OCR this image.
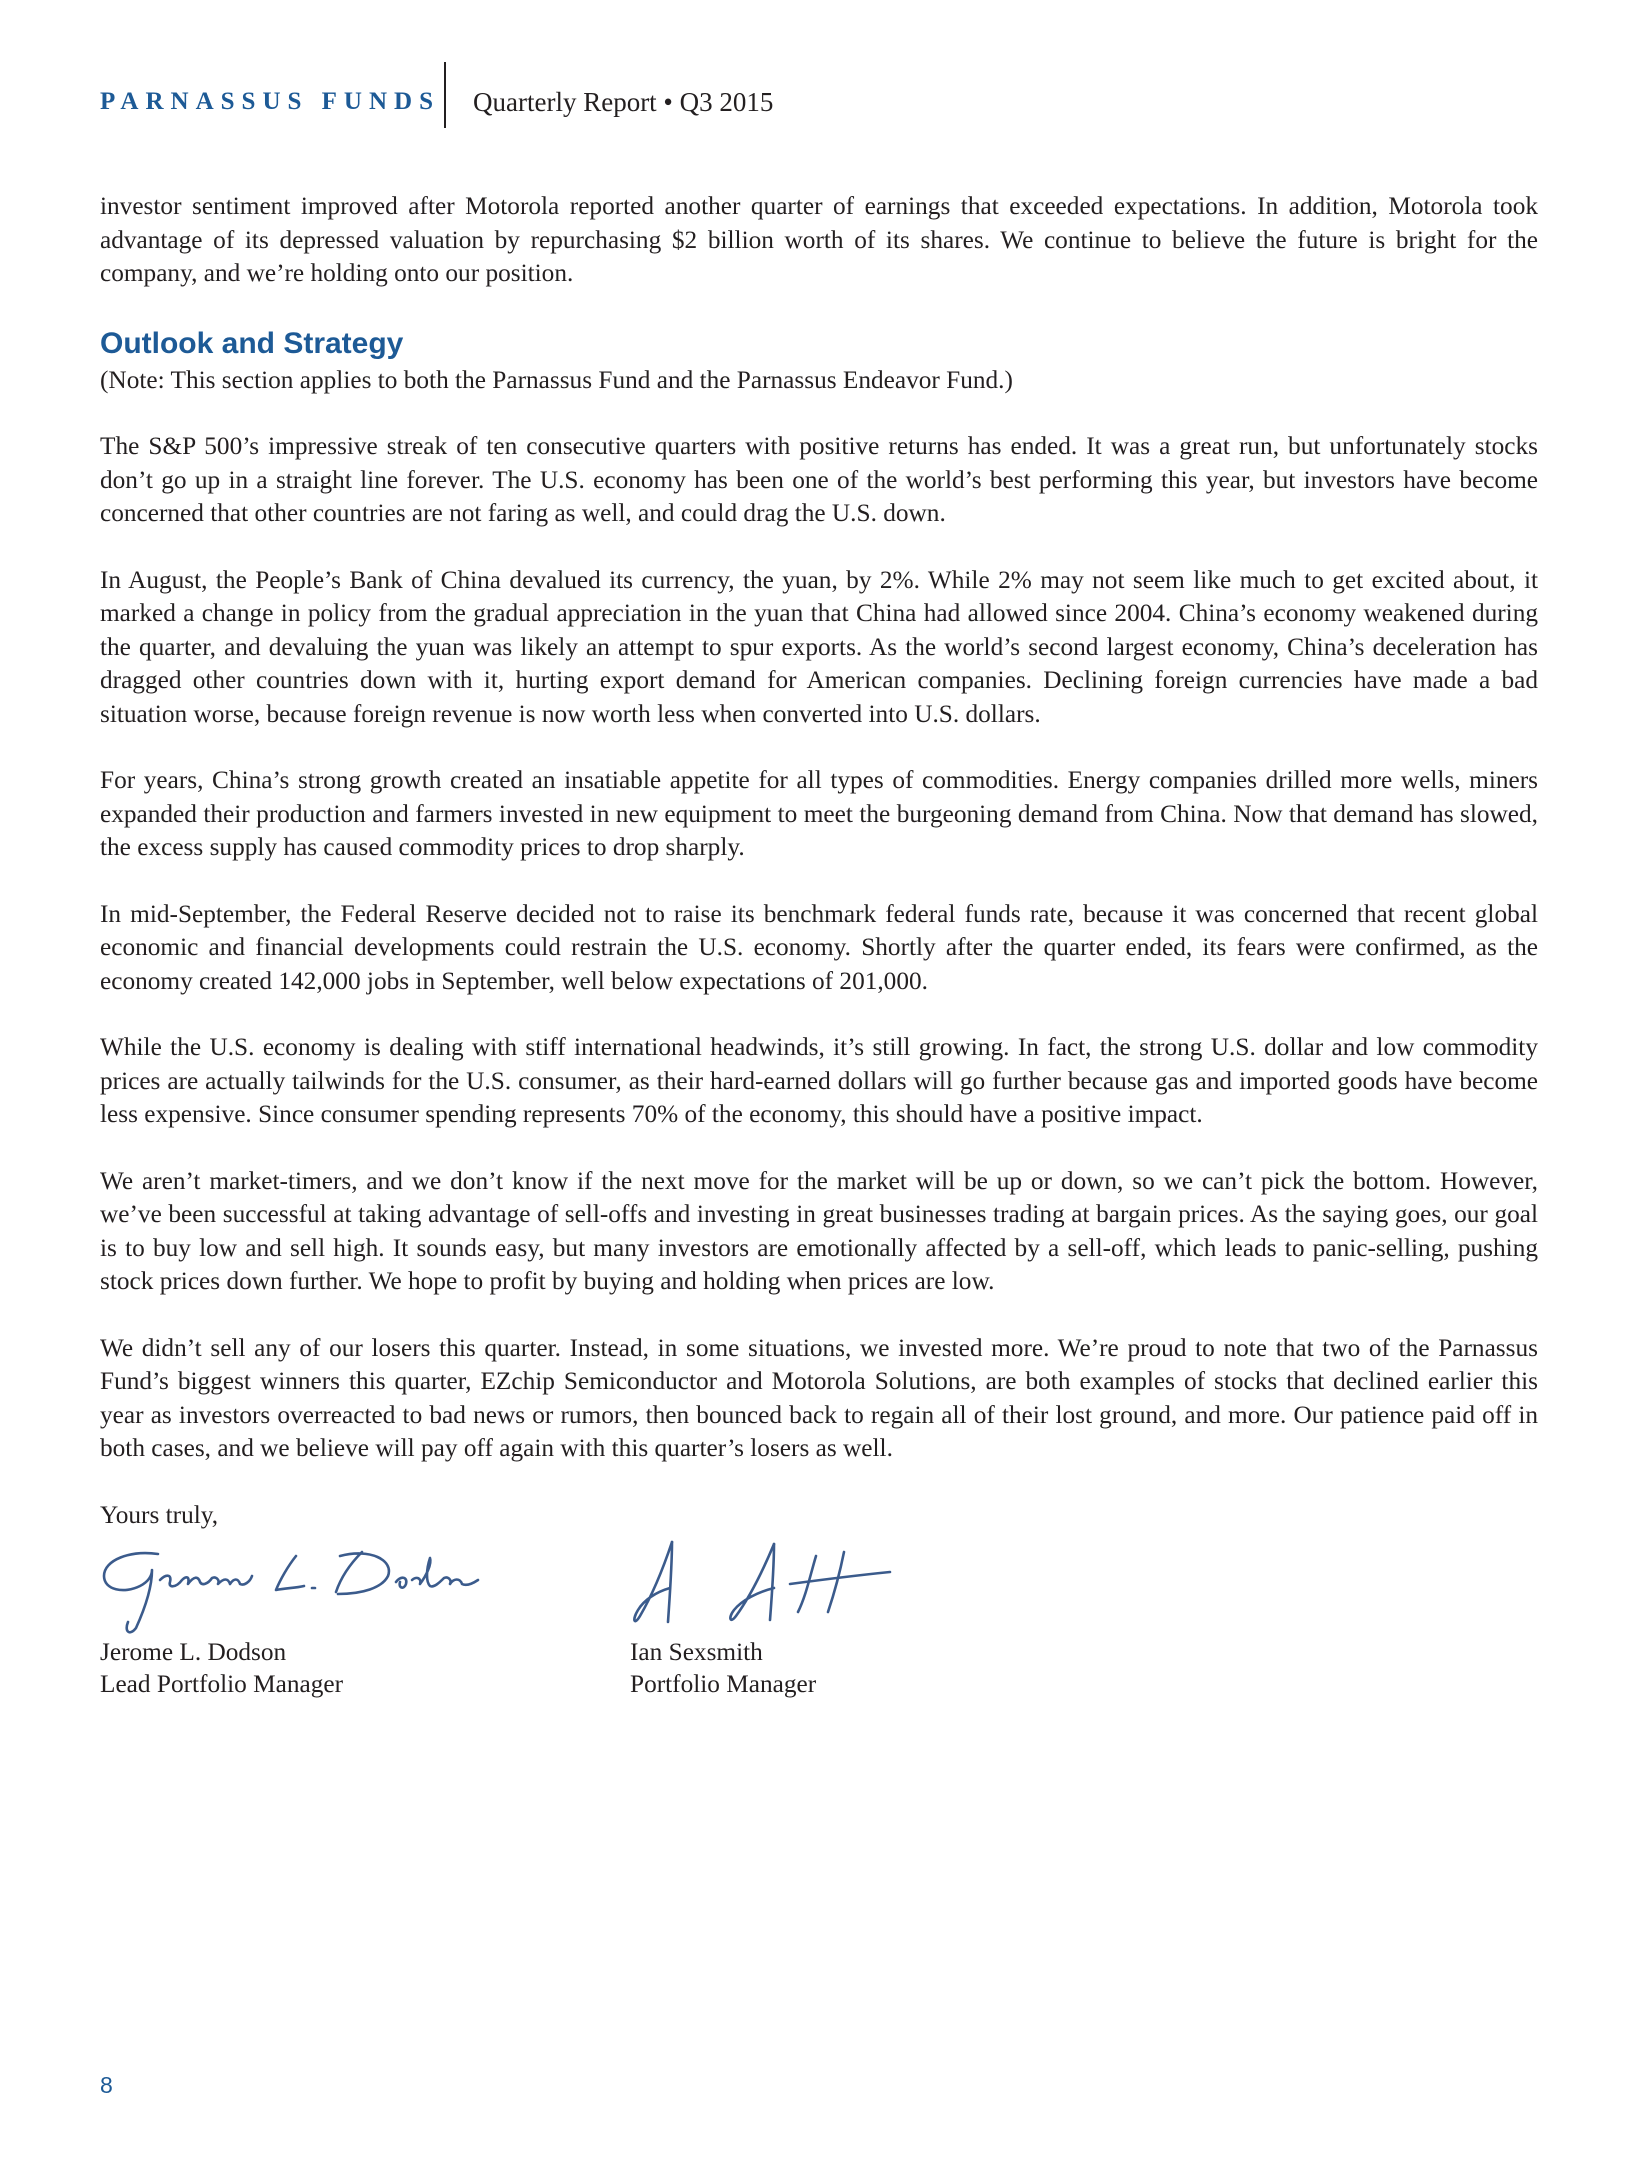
PARNASSUS FUNDS Quarterly Report • Q3 2015

investor sentiment improved after Motorola reported another quarter of earnings that exceeded expectations. In addition, Motorola took advantage of its depressed valuation by repurchasing $2 billion worth of its shares. We continue to believe the future is bright for the company, and we’re holding onto our position.

Outlook and Strategy

(Note: This section applies to both the Parnassus Fund and the Parnassus Endeavor Fund.)

The S&P 500’s impressive streak of ten consecutive quarters with positive returns has ended. It was a great run, but unfortunately stocks don’t go up in a straight line forever. The U.S. economy has been one of the world’s best performing this year, but investors have become concerned that other countries are not faring as well, and could drag the U.S. down.

In August, the People’s Bank of China devalued its currency, the yuan, by 2%. While 2% may not seem like much to get excited about, it marked a change in policy from the gradual appreciation in the yuan that China had allowed since 2004. China’s economy weakened during the quarter, and devaluing the yuan was likely an attempt to spur exports. As the world’s second largest economy, China’s deceleration has dragged other countries down with it, hurting export demand for American companies. Declining foreign currencies have made a bad situation worse, because foreign revenue is now worth less when converted into U.S. dollars.

For years, China’s strong growth created an insatiable appetite for all types of commodities. Energy companies drilled more wells, miners expanded their production and farmers invested in new equipment to meet the burgeoning demand from China. Now that demand has slowed, the excess supply has caused commodity prices to drop sharply.

In mid-September, the Federal Reserve decided not to raise its benchmark federal funds rate, because it was concerned that recent global economic and financial developments could restrain the U.S. economy. Shortly after the quarter ended, its fears were confirmed, as the economy created 142,000 jobs in September, well below expectations of 201,000.

While the U.S. economy is dealing with stiff international headwinds, it’s still growing. In fact, the strong U.S. dollar and low commodity prices are actually tailwinds for the U.S. consumer, as their hard-earned dollars will go further because gas and imported goods have become less expensive. Since consumer spending represents 70% of the economy, this should have a positive impact.

We aren’t market-timers, and we don’t know if the next move for the market will be up or down, so we can’t pick the bottom. However, we’ve been successful at taking advantage of sell-offs and investing in great businesses trading at bargain prices. As the saying goes, our goal is to buy low and sell high. It sounds easy, but many investors are emotionally affected by a sell-off, which leads to panic-selling, pushing stock prices down further. We hope to profit by buying and holding when prices are low.

We didn’t sell any of our losers this quarter. Instead, in some situations, we invested more. We’re proud to note that two of the Parnassus Fund’s biggest winners this quarter, EZchip Semiconductor and Motorola Solutions, are both examples of stocks that declined earlier this year as investors overreacted to bad news or rumors, then bounced back to regain all of their lost ground, and more. Our patience paid off in both cases, and we believe will pay off again with this quarter’s losers as well.

Yours truly,

Jerome L. Dodson
Jerome L. Dodson
Lead Portfolio Manager
Ian Sexsmith
Ian Sexsmith
Portfolio Manager
8
